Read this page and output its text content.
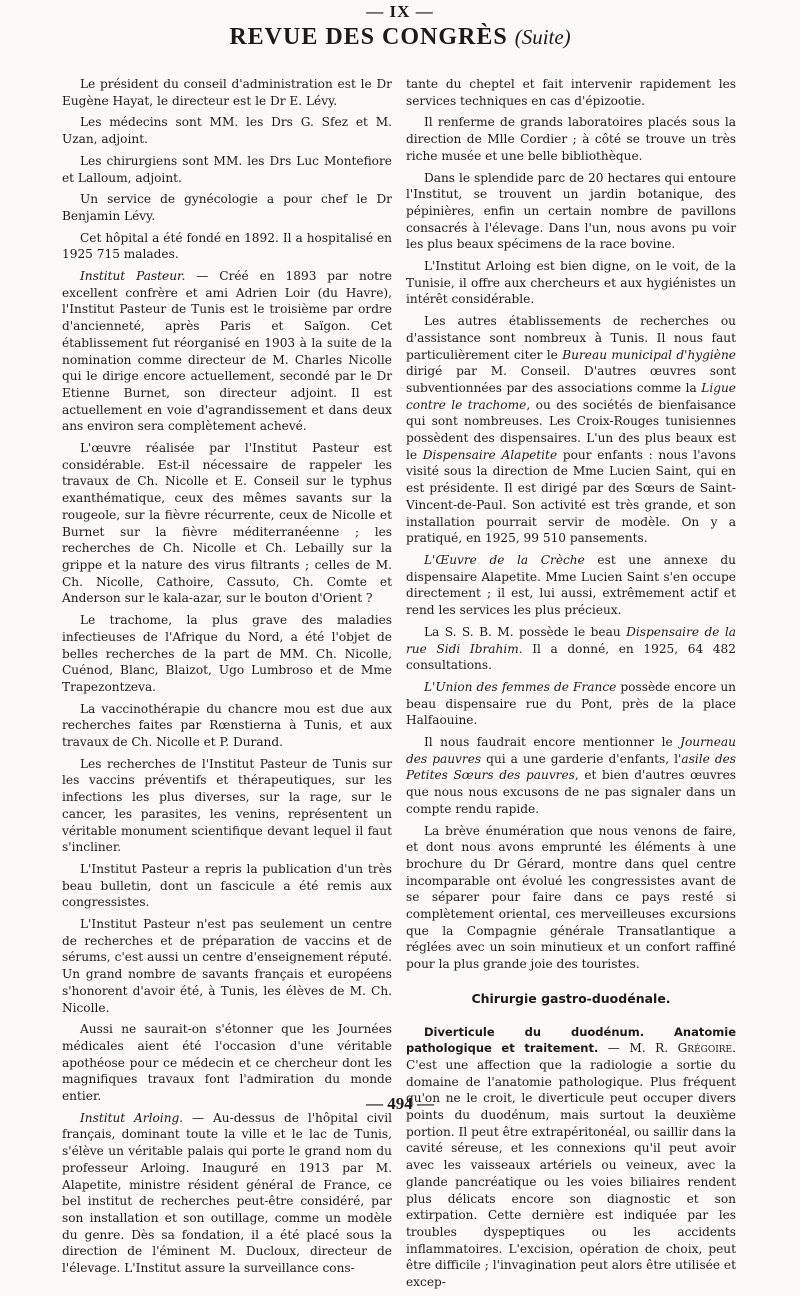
— IX —
REVUE DES CONGRÈS (Suite)

Le président du conseil d'administration est le Dr Eugène Hayat, le directeur est le Dr E. Lévy.

Les médecins sont MM. les Drs G. Sfez et M. Uzan, adjoint.

Les chirurgiens sont MM. les Drs Luc Montefiore et Lalloum, adjoint.

Un service de gynécologie a pour chef le Dr Benjamin Lévy.

Cet hôpital a été fondé en 1892. Il a hospitalisé en 1925 715 malades.

Institut Pasteur. — Créé en 1893 par notre excellent confrère et ami Adrien Loir (du Havre), l'Institut Pasteur de Tunis est le troisième par ordre d'ancienneté, après Paris et Saïgon. Cet établissement fut réorganisé en 1903 à la suite de la nomination comme directeur de M. Charles Nicolle qui le dirige encore actuellement, secondé par le Dr Etienne Burnet, son directeur adjoint. Il est actuellement en voie d'agrandissement et dans deux ans environ sera complètement achevé.

L'œuvre réalisée par l'Institut Pasteur est considérable. Est-il nécessaire de rappeler les travaux de Ch. Nicolle et E. Conseil sur le typhus exanthématique, ceux des mêmes savants sur la rougeole, sur la fièvre récurrente, ceux de Nicolle et Burnet sur la fièvre méditerranéenne ; les recherches de Ch. Nicolle et Ch. Lebailly sur la grippe et la nature des virus filtrants ; celles de M. Ch. Nicolle, Cathoire, Cassuto, Ch. Comte et Anderson sur le kala-azar, sur le bouton d'Orient ?

Le trachome, la plus grave des maladies infectieuses de l'Afrique du Nord, a été l'objet de belles recherches de la part de MM. Ch. Nicolle, Cuénod, Blanc, Blaizot, Ugo Lumbroso et de Mme Trapezontzeva.

La vaccinothérapie du chancre mou est due aux recherches faites par Rœnstierna à Tunis, et aux travaux de Ch. Nicolle et P. Durand.

Les recherches de l'Institut Pasteur de Tunis sur les vaccins préventifs et thérapeutiques, sur les infections les plus diverses, sur la rage, sur le cancer, les parasites, les venins, représentent un véritable monument scientifique devant lequel il faut s'incliner.

L'Institut Pasteur a repris la publication d'un très beau bulletin, dont un fascicule a été remis aux congressistes.

L'Institut Pasteur n'est pas seulement un centre de recherches et de préparation de vaccins et de sérums, c'est aussi un centre d'enseignement réputé. Un grand nombre de savants français et européens s'honorent d'avoir été, à Tunis, les élèves de M. Ch. Nicolle.

Aussi ne saurait-on s'étonner que les Journées médicales aient été l'occasion d'une véritable apothéose pour ce médecin et ce chercheur dont les magnifiques travaux font l'admiration du monde entier.

Institut Arloing. — Au-dessus de l'hôpital civil français, dominant toute la ville et le lac de Tunis, s'élève un véritable palais qui porte le grand nom du professeur Arloing. Inauguré en 1913 par M. Alapetite, ministre résident général de France, ce bel institut de recherches peut-être considéré, par son installation et son outillage, comme un modèle du genre. Dès sa fondation, il a été placé sous la direction de l'éminent M. Ducloux, directeur de l'élevage. L'Institut assure la surveillance cons-

tante du cheptel et fait intervenir rapidement les services techniques en cas d'épizootie.

Il renferme de grands laboratoires placés sous la direction de Mlle Cordier ; à côté se trouve un très riche musée et une belle bibliothèque.

Dans le splendide parc de 20 hectares qui entoure l'Institut, se trouvent un jardin botanique, des pépinières, enfin un certain nombre de pavillons consacrés à l'élevage. Dans l'un, nous avons pu voir les plus beaux spécimens de la race bovine.

L'Institut Arloing est bien digne, on le voit, de la Tunisie, il offre aux chercheurs et aux hygiénistes un intérêt considérable.

Les autres établissements de recherches ou d'assistance sont nombreux à Tunis. Il nous faut particulièrement citer le Bureau municipal d'hygiène dirigé par M. Conseil. D'autres œuvres sont subventionnées par des associations comme la Ligue contre le trachome, ou des sociétés de bienfaisance qui sont nombreuses. Les Croix-Rouges tunisiennes possèdent des dispensaires. L'un des plus beaux est le Dispensaire Alapetite pour enfants : nous l'avons visité sous la direction de Mme Lucien Saint, qui en est présidente. Il est dirigé par des Sœurs de Saint-Vincent-de-Paul. Son activité est très grande, et son installation pourrait servir de modèle. On y a pratiqué, en 1925, 99 510 pansements.

L'Œuvre de la Crèche est une annexe du dispensaire Alapetite. Mme Lucien Saint s'en occupe directement ; il est, lui aussi, extrêmement actif et rend les services les plus précieux.

La S. S. B. M. possède le beau Dispensaire de la rue Sidi Ibrahim. Il a donné, en 1925, 64 482 consultations.

L'Union des femmes de France possède encore un beau dispensaire rue du Pont, près de la place Halfaouine.

Il nous faudrait encore mentionner le Journeau des pauvres qui a une garderie d'enfants, l'asile des Petites Sœurs des pauvres, et bien d'autres œuvres que nous nous excusons de ne pas signaler dans un compte rendu rapide.

La brève énumération que nous venons de faire, et dont nous avons emprunté les éléments à une brochure du Dr Gérard, montre dans quel centre incomparable ont évolué les congressistes avant de se séparer pour faire dans ce pays resté si complètement oriental, ces merveilleuses excursions que la Compagnie générale Transatlantique a réglées avec un soin minutieux et un confort raffiné pour la plus grande joie des touristes.

Chirurgie gastro-duodénale.

Diverticule du duodénum. Anatomie pathologique et traitement. — M. R. Grégoire. C'est une affection que la radiologie a sortie du domaine de l'anatomie pathologique. Plus fréquent qu'on ne le croit, le diverticule peut occuper divers points du duodénum, mais surtout la deuxième portion. Il peut être extrapéritonéal, ou saillir dans la cavité séreuse, et les connexions qu'il peut avoir avec les vaisseaux artériels ou veineux, avec la glande pancréatique ou les voies biliaires rendent plus délicats encore son diagnostic et son extirpation. Cette dernière est indiquée par les troubles dyspeptiques ou les accidents inflammatoires. L'excision, opération de choix, peut être difficile ; l'invagination peut alors être utilisée et excep-

— 494 —
